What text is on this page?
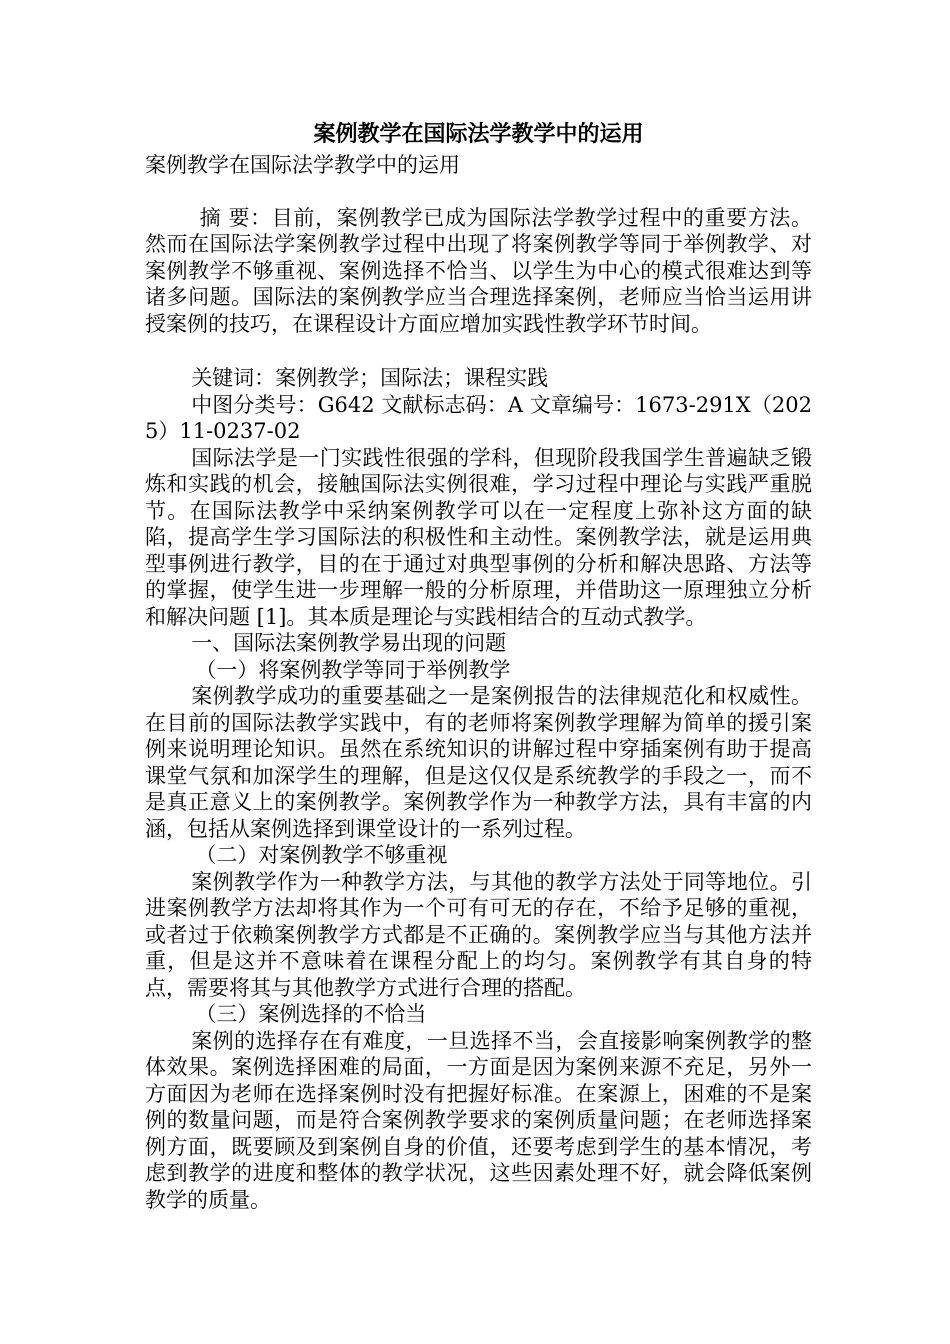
案例教学在国际法学教学中的运用

案例教学在国际法学教学中的运用

摘 要：目前，案例教学已成为国际法学教学过程中的重要方法。然而在国际法学案例教学过程中出现了将案例教学等同于举例教学、对案例教学不够重视、案例选择不恰当、以学生为中心的模式很难达到等诸多问题。国际法的案例教学应当合理选择案例，老师应当恰当运用讲授案例的技巧，在课程设计方面应增加实践性教学环节时间。

关键词：案例教学；国际法；课程实践

中图分类号：G642 文献标志码：A 文章编号：1673-291X（2025）11-0237-02

国际法学是一门实践性很强的学科，但现阶段我国学生普遍缺乏锻炼和实践的机会，接触国际法实例很难，学习过程中理论与实践严重脱节。在国际法教学中采纳案例教学可以在一定程度上弥补这方面的缺陷，提高学生学习国际法的积极性和主动性。案例教学法，就是运用典型事例进行教学，目的在于通过对典型事例的分析和解决思路、方法等的掌握，使学生进一步理解一般的分析原理，并借助这一原理独立分析和解决问题 [1]。其本质是理论与实践相结合的互动式教学。

一、国际法案例教学易出现的问题

（一）将案例教学等同于举例教学

案例教学成功的重要基础之一是案例报告的法律规范化和权威性。在目前的国际法教学实践中，有的老师将案例教学理解为简单的援引案例来说明理论知识。虽然在系统知识的讲解过程中穿插案例有助于提高课堂气氛和加深学生的理解，但是这仅仅是系统教学的手段之一，而不是真正意义上的案例教学。案例教学作为一种教学方法，具有丰富的内涵，包括从案例选择到课堂设计的一系列过程。

（二）对案例教学不够重视

案例教学作为一种教学方法，与其他的教学方法处于同等地位。引进案例教学方法却将其作为一个可有可无的存在，不给予足够的重视，或者过于依赖案例教学方式都是不正确的。案例教学应当与其他方法并重，但是这并不意味着在课程分配上的均匀。案例教学有其自身的特点，需要将其与其他教学方式进行合理的搭配。

（三）案例选择的不恰当

案例的选择存在有难度，一旦选择不当，会直接影响案例教学的整体效果。案例选择困难的局面，一方面是因为案例来源不充足，另外一方面因为老师在选择案例时没有把握好标准。在案源上，困难的不是案例的数量问题，而是符合案例教学要求的案例质量问题；在老师选择案例方面，既要顾及到案例自身的价值，还要考虑到学生的基本情况，考虑到教学的进度和整体的教学状况，这些因素处理不好，就会降低案例教学的质量。
